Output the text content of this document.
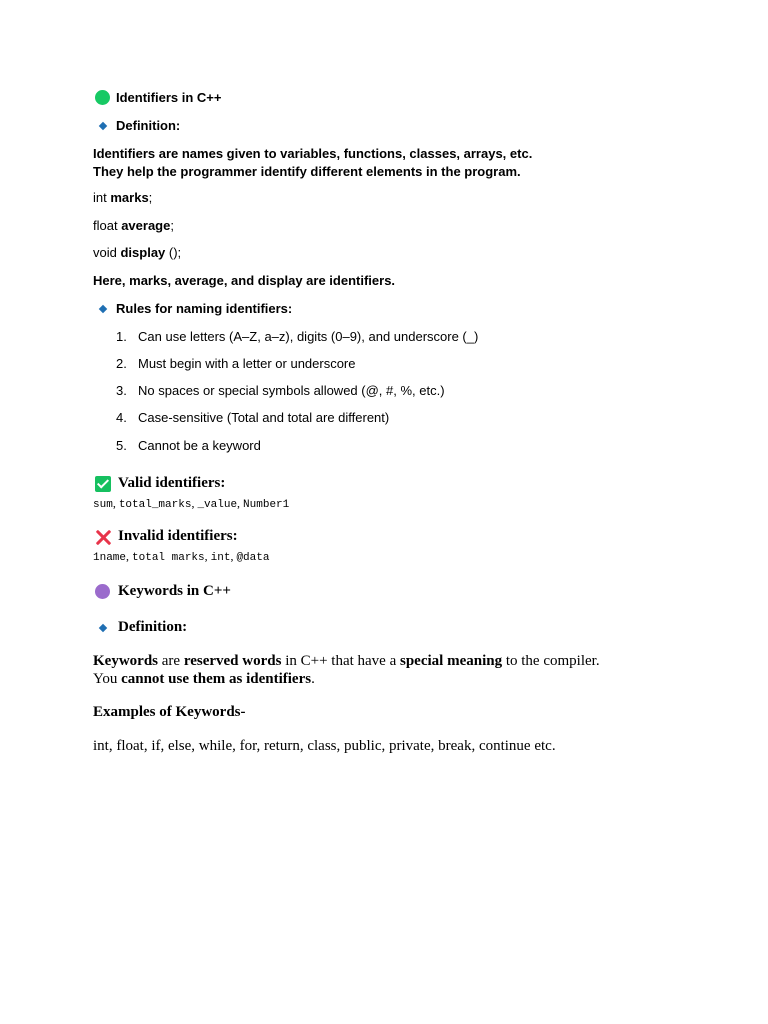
Identifiers in C++
Definition:
Identifiers are names given to variables, functions, classes, arrays, etc.
They help the programmer identify different elements in the program.
int marks;
float average;
void display ();
Here, marks, average, and display are identifiers.
Rules for naming identifiers:
1. Can use letters (A–Z, a–z), digits (0–9), and underscore (_)
2. Must begin with a letter or underscore
3. No spaces or special symbols allowed (@, #, %, etc.)
4. Case-sensitive (Total and total are different)
5. Cannot be a keyword
Valid identifiers:
sum, total_marks, _value, Number1
Invalid identifiers:
1name, total marks, int, @data
Keywords in C++
Definition:
Keywords are reserved words in C++ that have a special meaning to the compiler.
You cannot use them as identifiers.
Examples of Keywords-
int, float, if, else, while, for, return, class, public, private, break, continue etc.
